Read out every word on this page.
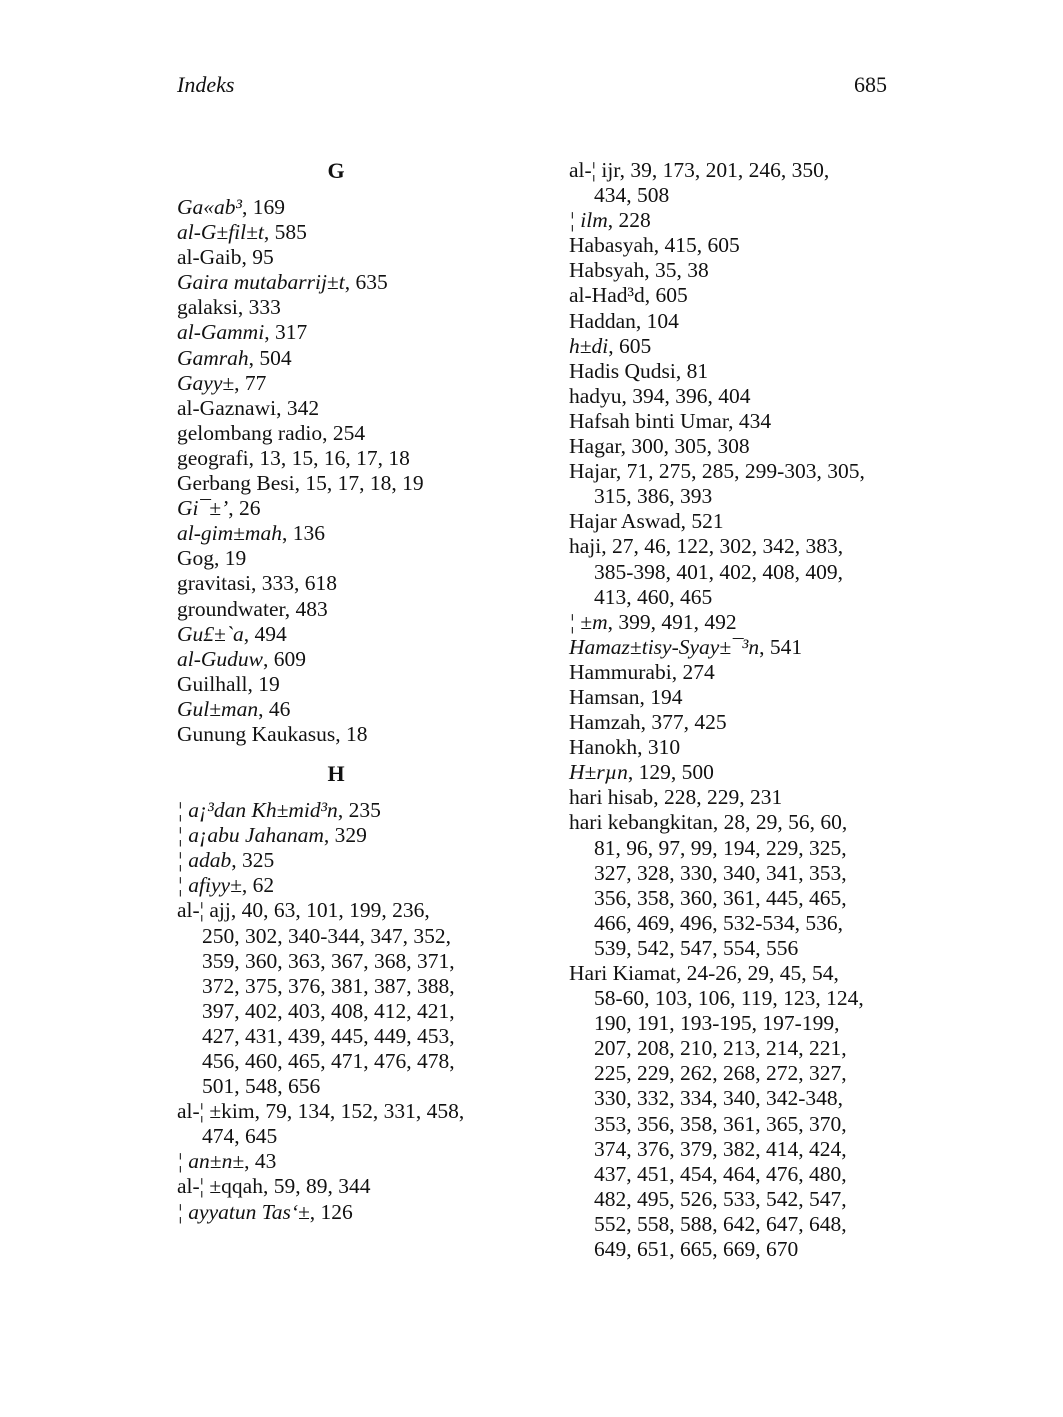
Indeks	685
G
Ga«ab³, 169
al-G±fil±t, 585
al-Gaib, 95
Gaira mutabarrij±t, 635
galaksi, 333
al-Gammi, 317
Gamrah, 504
Gayy±, 77
al-Gaznawi, 342
gelombang radio, 254
geografi, 13, 15, 16, 17, 18
Gerbang Besi, 15, 17, 18, 19
Gi¯±’, 26
al-gim±mah, 136
Gog, 19
gravitasi, 333, 618
groundwater, 483
Gu£±`a, 494
al-Guduw, 609
Guilhall, 19
Gul±man, 46
Gunung Kaukasus, 18
H
¦ a¡³dan Kh±mid³n, 235
¦ a¡abu Jahanam, 329
¦ adab, 325
¦ afiyy±, 62
al-¦ ajj, 40, 63, 101, 199, 236,
250, 302, 340-344, 347, 352,
359, 360, 363, 367, 368, 371,
372, 375, 376, 381, 387, 388,
397, 402, 403, 408, 412, 421,
427, 431, 439, 445, 449, 453,
456, 460, 465, 471, 476, 478,
501, 548, 656
al-¦ ±kim, 79, 134, 152, 331, 458,
474, 645
¦ an±n±, 43
al-¦ ±qqah, 59, 89, 344
¦ ayyatun Tas‘±, 126
al-¦ ijr, 39, 173, 201, 246, 350,
434, 508
¦ ilm, 228
Habasyah, 415, 605
Habsyah, 35, 38
al-Had³d, 605
Haddan, 104
h±di, 605
Hadis Qudsi, 81
hadyu, 394, 396, 404
Hafsah binti Umar, 434
Hagar, 300, 305, 308
Hajar, 71, 275, 285, 299-303, 305,
315, 386, 393
Hajar Aswad, 521
haji, 27, 46, 122, 302, 342, 383,
385-398, 401, 402, 408, 409,
413, 460, 465
¦ ±m, 399, 491, 492
Hamaz±tisy-Syay±¯³n, 541
Hammurabi, 274
Hamsan, 194
Hamzah, 377, 425
Hanokh, 310
H±rµn, 129, 500
hari hisab, 228, 229, 231
hari kebangkitan, 28, 29, 56, 60,
81, 96, 97, 99, 194, 229, 325,
327, 328, 330, 340, 341, 353,
356, 358, 360, 361, 445, 465,
466, 469, 496, 532-534, 536,
539, 542, 547, 554, 556
Hari Kiamat, 24-26, 29, 45, 54,
58-60, 103, 106, 119, 123, 124,
190, 191, 193-195, 197-199,
207, 208, 210, 213, 214, 221,
225, 229, 262, 268, 272, 327,
330, 332, 334, 340, 342-348,
353, 356, 358, 361, 365, 370,
374, 376, 379, 382, 414, 424,
437, 451, 454, 464, 476, 480,
482, 495, 526, 533, 542, 547,
552, 558, 588, 642, 647, 648,
649, 651, 665, 669, 670
